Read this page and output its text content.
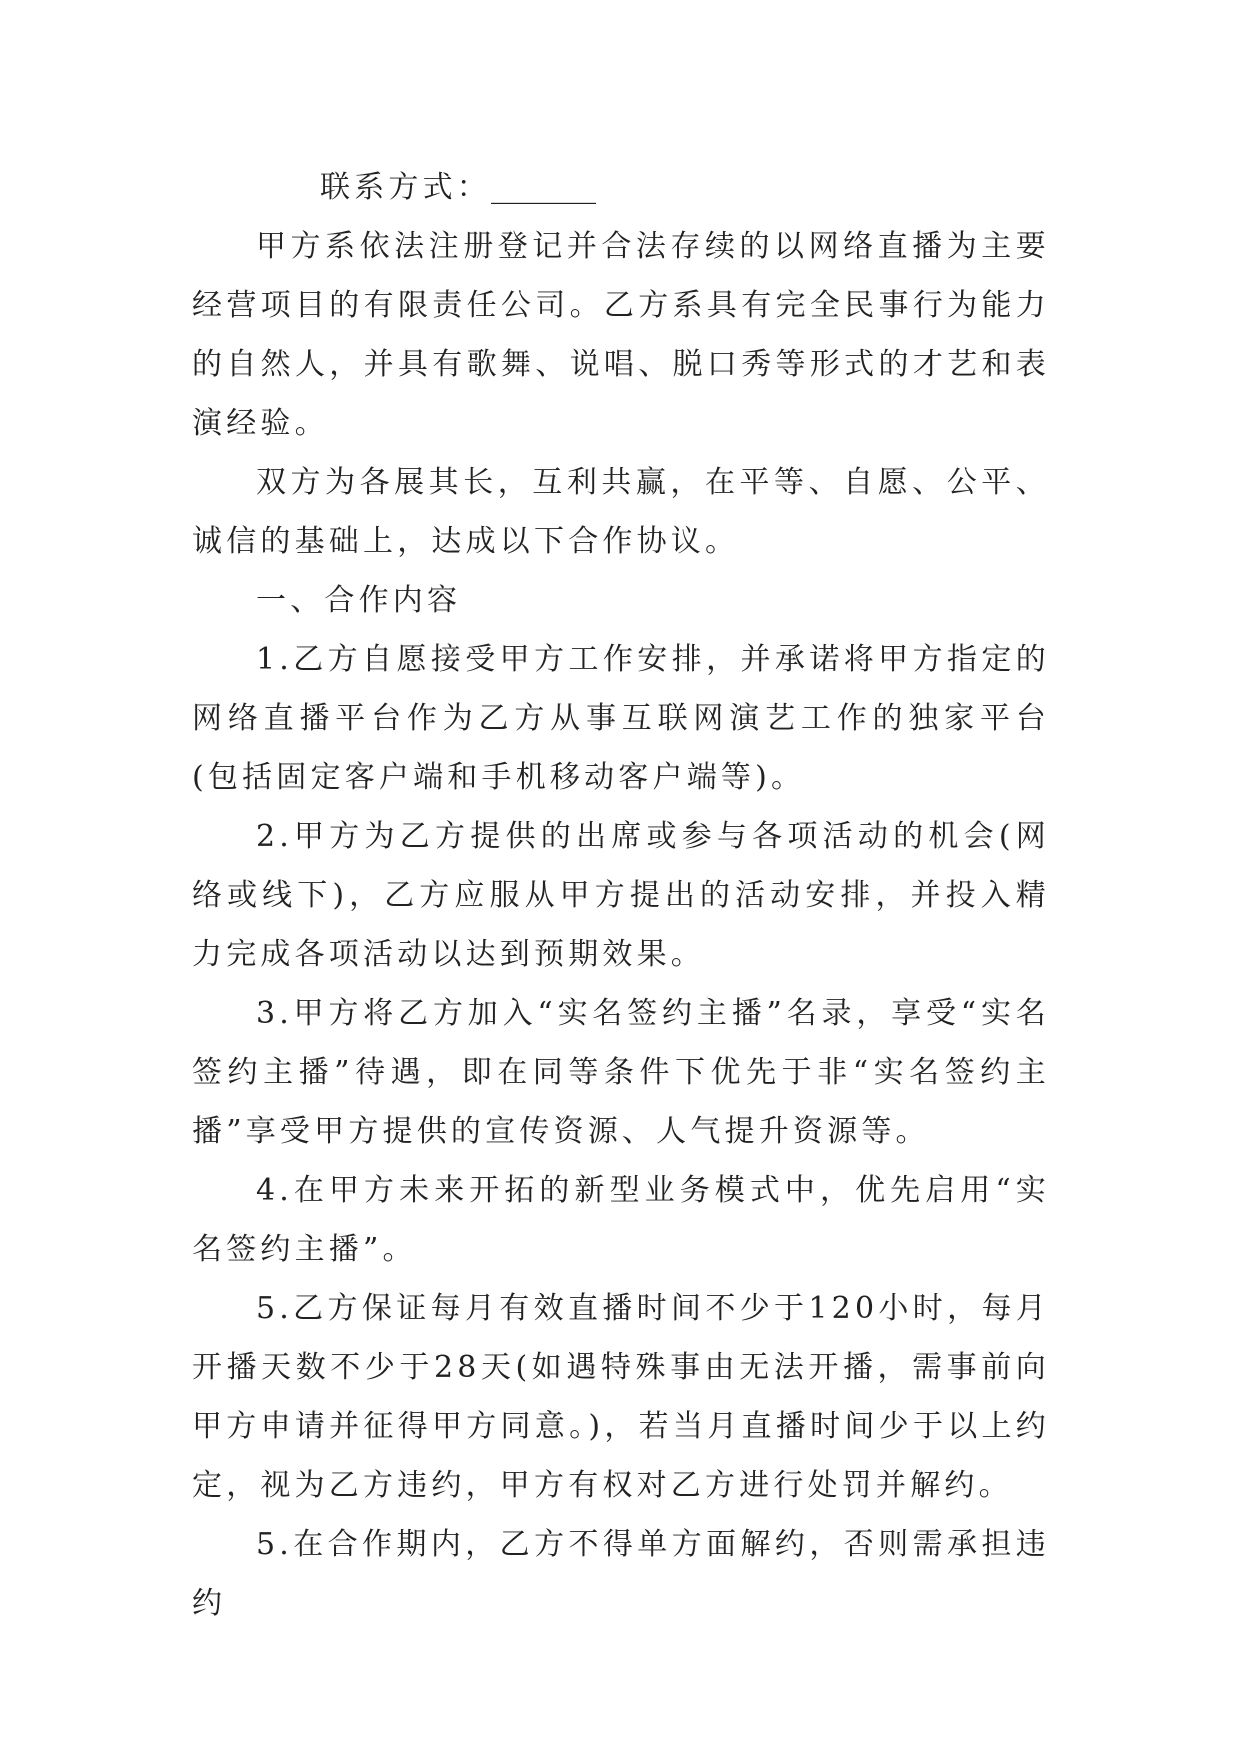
联系方式：_______

甲方系依法注册登记并合法存续的以网络直播为主要经营项目的有限责任公司。乙方系具有完全民事行为能力的自然人，并具有歌舞、说唱、脱口秀等形式的才艺和表演经验。

双方为各展其长，互利共赢，在平等、自愿、公平、诚信的基础上，达成以下合作协议。

一、合作内容

1.乙方自愿接受甲方工作安排，并承诺将甲方指定的网络直播平台作为乙方从事互联网演艺工作的独家平台(包括固定客户端和手机移动客户端等)。

2.甲方为乙方提供的出席或参与各项活动的机会(网络或线下)，乙方应服从甲方提出的活动安排，并投入精力完成各项活动以达到预期效果。

3.甲方将乙方加入“实名签约主播”名录，享受“实名签约主播”待遇，即在同等条件下优先于非“实名签约主播”享受甲方提供的宣传资源、人气提升资源等。

4.在甲方未来开拓的新型业务模式中，优先启用“实名签约主播”。

5.乙方保证每月有效直播时间不少于120小时，每月开播天数不少于28天(如遇特殊事由无法开播，需事前向甲方申请并征得甲方同意。)，若当月直播时间少于以上约定，视为乙方违约，甲方有权对乙方进行处罚并解约。

5.在合作期内，乙方不得单方面解约，否则需承担违约
